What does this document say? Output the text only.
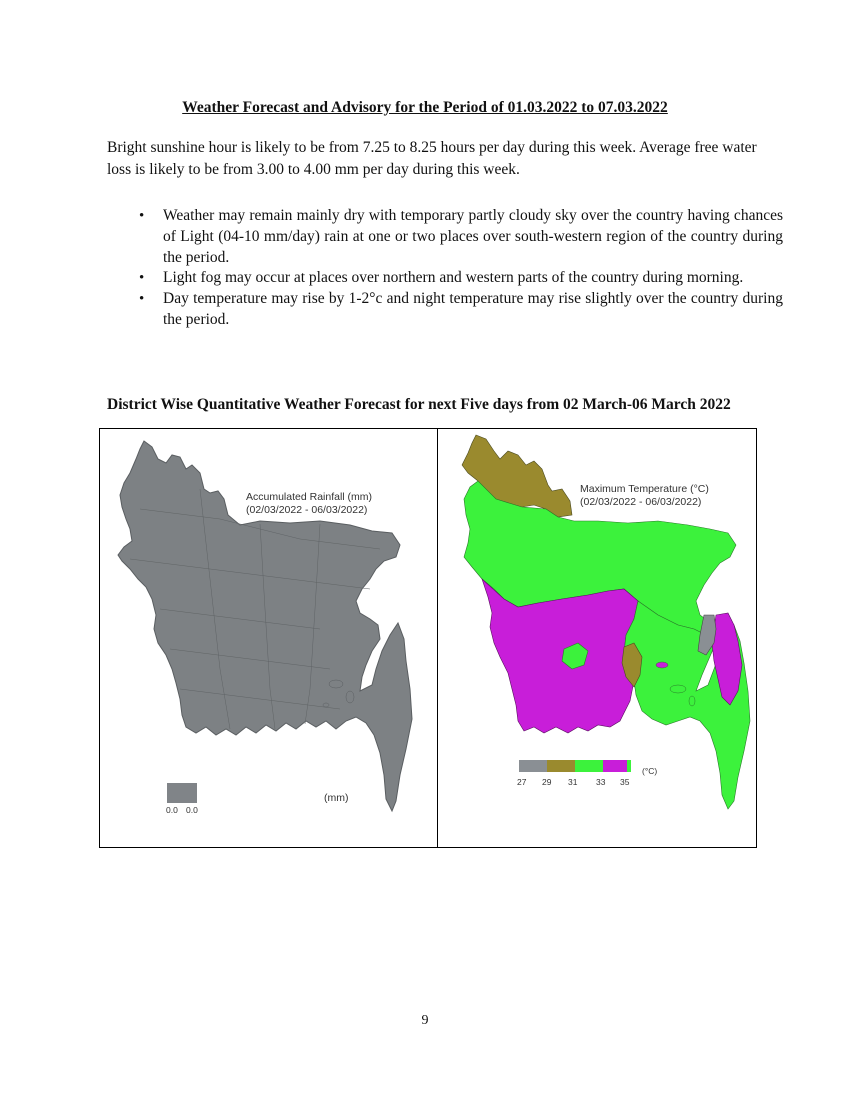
Weather Forecast and Advisory for the Period of 01.03.2022 to 07.03.2022

Bright sunshine hour is likely to be from 7.25 to 8.25 hours per day during this week. Average free water loss is likely to be from 3.00 to 4.00 mm per day during this week.

• Weather may remain mainly dry with temporary partly cloudy sky over the country having chances of Light (04-10 mm/day) rain at one or two places over south-western region of the country during the period.
• Light fog may occur at places over northern and western parts of the country during morning.
• Day temperature may rise by 1-2°c and night temperature may rise slightly over the country during the period.
District Wise Quantitative Weather Forecast for next Five days from 02 March-06 March 2022
Accumulated Rainfall (mm)
(02/03/2022 - 06/03/2022)
0.0 0.0
(mm)
Maximum Temperature (°C)
(02/03/2022 - 06/03/2022)
27 29 31 33 35
(°C)
9
